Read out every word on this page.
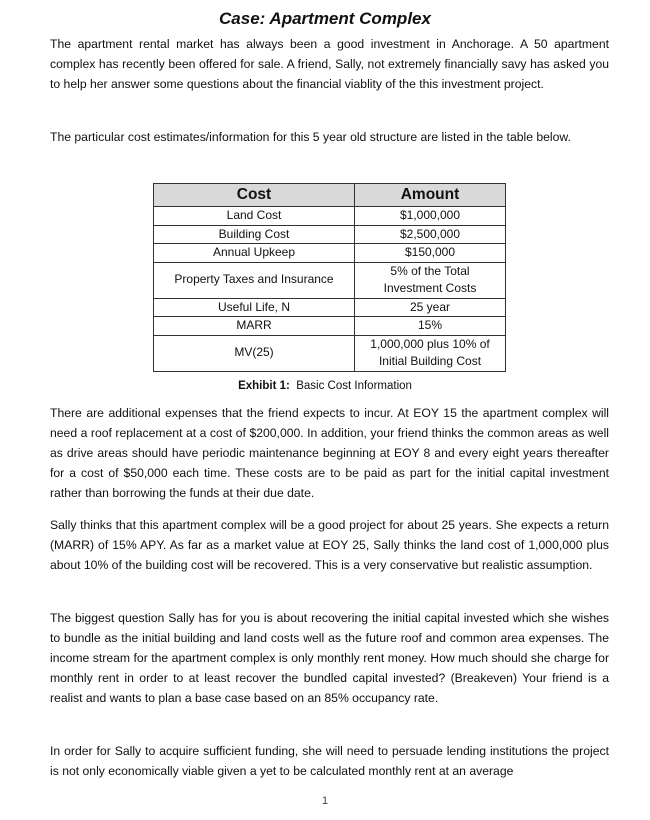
Case: Apartment Complex

The apartment rental market has always been a good investment in Anchorage. A 50 apartment complex has recently been offered for sale. A friend, Sally, not extremely financially savy has asked you to help her answer some questions about the financial viablity of the this investment project.

The particular cost estimates/information for this 5 year old structure are listed in the table below.

Cost	Amount
Land Cost	$1,000,000
Building Cost	$2,500,000
Annual Upkeep	$150,000
Property Taxes and Insurance	5% of the Total Investment Costs
Useful Life, N	25 year
MARR	15%
MV(25)	1,000,000 plus 10% of Initial Building Cost
Exhibit 1:  Basic Cost Information

There are additional expenses that the friend expects to incur. At EOY 15 the apartment complex will need a roof replacement at a cost of $200,000. In addition, your friend thinks the common areas as well as drive areas should have periodic maintenance beginning at EOY 8 and every eight years thereafter for a cost of $50,000 each time. These costs are to be paid as part for the initial capital investment rather than borrowing the funds at their due date.

Sally thinks that this apartment complex will be a good project for about 25 years. She expects a return (MARR) of 15% APY. As far as a market value at EOY 25, Sally thinks the land cost of 1,000,000 plus about 10% of the building cost will be recovered. This is a very conservative but realistic assumption.

The biggest question Sally has for you is about recovering the initial capital invested which she wishes to bundle as the initial building and land costs well as the future roof and common area expenses. The income stream for the apartment complex is only monthly rent money. How much should she charge for monthly rent in order to at least recover the bundled capital invested? (Breakeven) Your friend is a realist and wants to plan a base case based on an 85% occupancy rate.

In order for Sally to acquire sufficient funding, she will need to persuade lending institutions the project is not only economically viable given a yet to be calculated monthly rent at an average

1
